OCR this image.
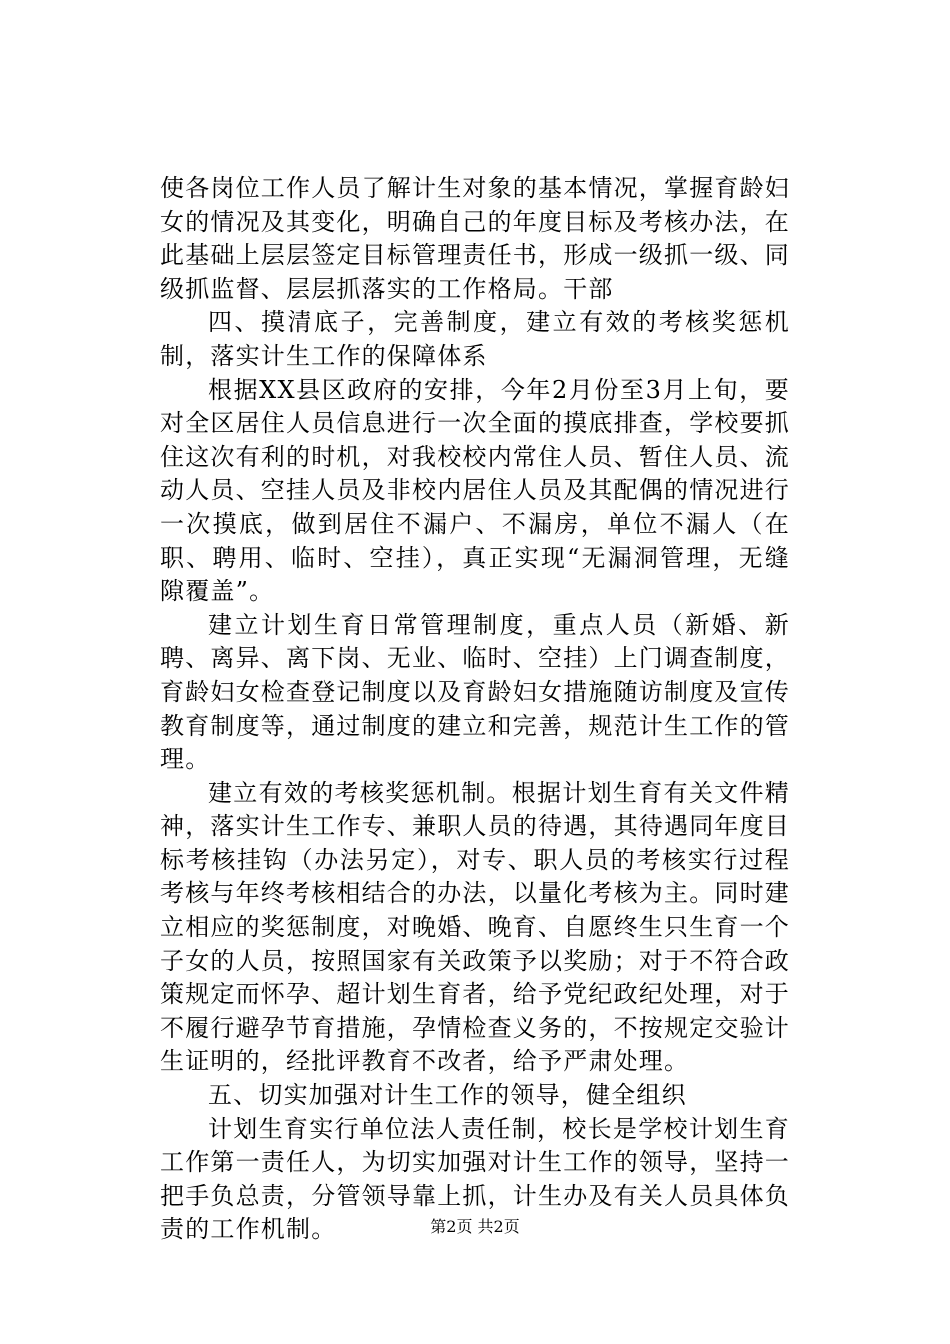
使各岗位工作人员了解计生对象的基本情况，掌握育龄妇女的情况及其变化，明确自己的年度目标及考核办法，在此基础上层层签定目标管理责任书，形成一级抓一级、同级抓监督、层层抓落实的工作格局。干部

四、摸清底子，完善制度，建立有效的考核奖惩机制，落实计生工作的保障体系

根据XX县区政府的安排，今年2月份至3月上旬，要对全区居住人员信息进行一次全面的摸底排查，学校要抓住这次有利的时机，对我校校内常住人员、暂住人员、流动人员、空挂人员及非校内居住人员及其配偶的情况进行一次摸底，做到居住不漏户、不漏房，单位不漏人（在职、聘用、临时、空挂），真正实现“无漏洞管理，无缝隙覆盖”。

建立计划生育日常管理制度，重点人员（新婚、新聘、离异、离下岗、无业、临时、空挂）上门调查制度，育龄妇女检查登记制度以及育龄妇女措施随访制度及宣传教育制度等，通过制度的建立和完善，规范计生工作的管理。

建立有效的考核奖惩机制。根据计划生育有关文件精神，落实计生工作专、兼职人员的待遇，其待遇同年度目标考核挂钩（办法另定），对专、职人员的考核实行过程考核与年终考核相结合的办法，以量化考核为主。同时建立相应的奖惩制度，对晚婚、晚育、自愿终生只生育一个子女的人员，按照国家有关政策予以奖励；对于不符合政策规定而怀孕、超计划生育者，给予党纪政纪处理，对于不履行避孕节育措施，孕情检查义务的，不按规定交验计生证明的，经批评教育不改者，给予严肃处理。

五、切实加强对计生工作的领导，健全组织

计划生育实行单位法人责任制，校长是学校计划生育工作第一责任人，为切实加强对计生工作的领导，坚持一把手负总责，分管领导靠上抓，计生办及有关人员具体负责的工作机制。	第2页 共2页
